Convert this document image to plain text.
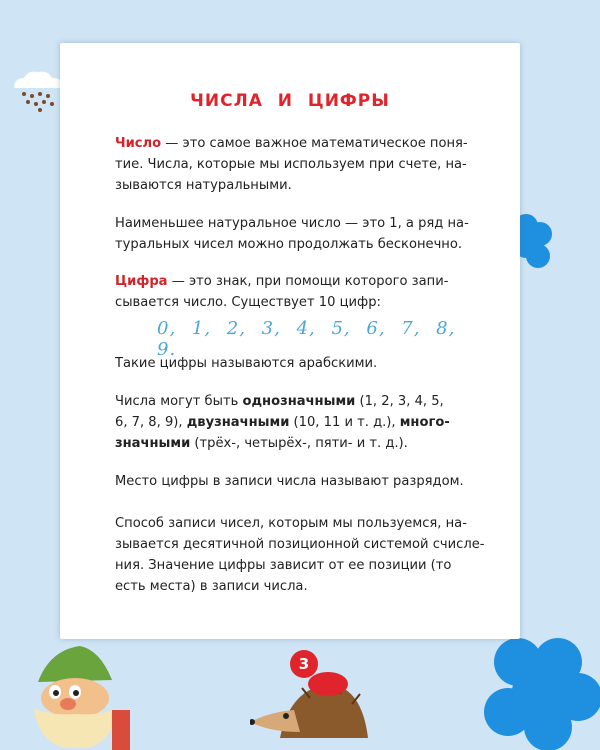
3
ЧИСЛА И ЦИФРЫ

Число — это самое важное математическое поня-
тие. Числа, которые мы используем при счете, на-
зываются натуральными.

Наименьшее натуральное число — это 1, а ряд на-
туральных чисел можно продолжать бесконечно.

Цифра — это знак, при помощи которого запи-
сывается число. Существует 10 цифр:

0, 1, 2, 3, 4, 5, 6, 7, 8, 9.

Такие цифры называются арабскими.

Числа могут быть однозначными (1, 2, 3, 4, 5,
6, 7, 8, 9), двузначными (10, 11 и т. д.), много-
значными (трёх-, четырёх-, пяти- и т. д.).

Место цифры в записи числа называют разрядом.

Способ записи чисел, которым мы пользуемся, на-
зывается десятичной позиционной системой счисле-
ния. Значение цифры зависит от ее позиции (то
есть места) в записи числа.
